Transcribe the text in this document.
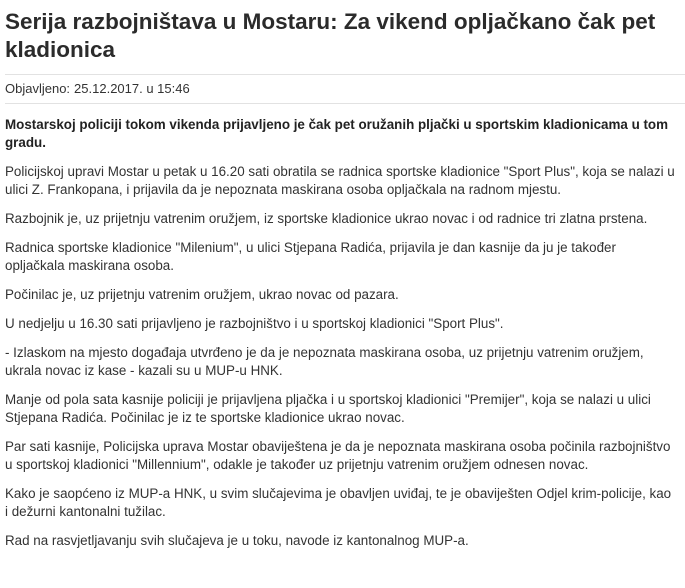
Serija razbojništava u Mostaru: Za vikend opljačkano čak pet kladionica
Objavljeno: 25.12.2017. u 15:46

Mostarskoj policiji tokom vikenda prijavljeno je čak pet oružanih pljački u sportskim kladionicama u tom gradu.

Policijskoj upravi Mostar u petak u 16.20 sati obratila se radnica sportske kladionice "Sport Plus", koja se nalazi u ulici Z. Frankopana, i prijavila da je nepoznata maskirana osoba opljačkala na radnom mjestu.

Razbojnik je, uz prijetnju vatrenim oružjem, iz sportske kladionice ukrao novac i od radnice tri zlatna prstena.

Radnica sportske kladionice "Milenium", u ulici Stjepana Radića, prijavila je dan kasnije da ju je također opljačkala maskirana osoba.

Počinilac je, uz prijetnju vatrenim oružjem, ukrao novac od pazara.

U nedjelju u 16.30 sati prijavljeno je razbojništvo i u sportskoj kladionici "Sport Plus".

- Izlaskom na mjesto događaja utvrđeno je da je nepoznata maskirana osoba, uz prijetnju vatrenim oružjem, ukrala novac iz kase - kazali su u MUP-u HNK.

Manje od pola sata kasnije policiji je prijavljena pljačka i u sportskoj kladionici "Premijer", koja se nalazi u ulici Stjepana Radića. Počinilac je iz te sportske kladionice ukrao novac.

Par sati kasnije, Policijska uprava Mostar obaviještena je da je nepoznata maskirana osoba počinila razbojništvo u sportskoj kladionici "Millennium", odakle je također uz prijetnju vatrenim oružjem odnesen novac.

Kako je saopćeno iz MUP-a HNK, u svim slučajevima je obavljen uviđaj, te je obaviješten Odjel krim-policije, kao i dežurni kantonalni tužilac.

Rad na rasvjetljavanju svih slučajeva je u toku, navode iz kantonalnog MUP-a.
